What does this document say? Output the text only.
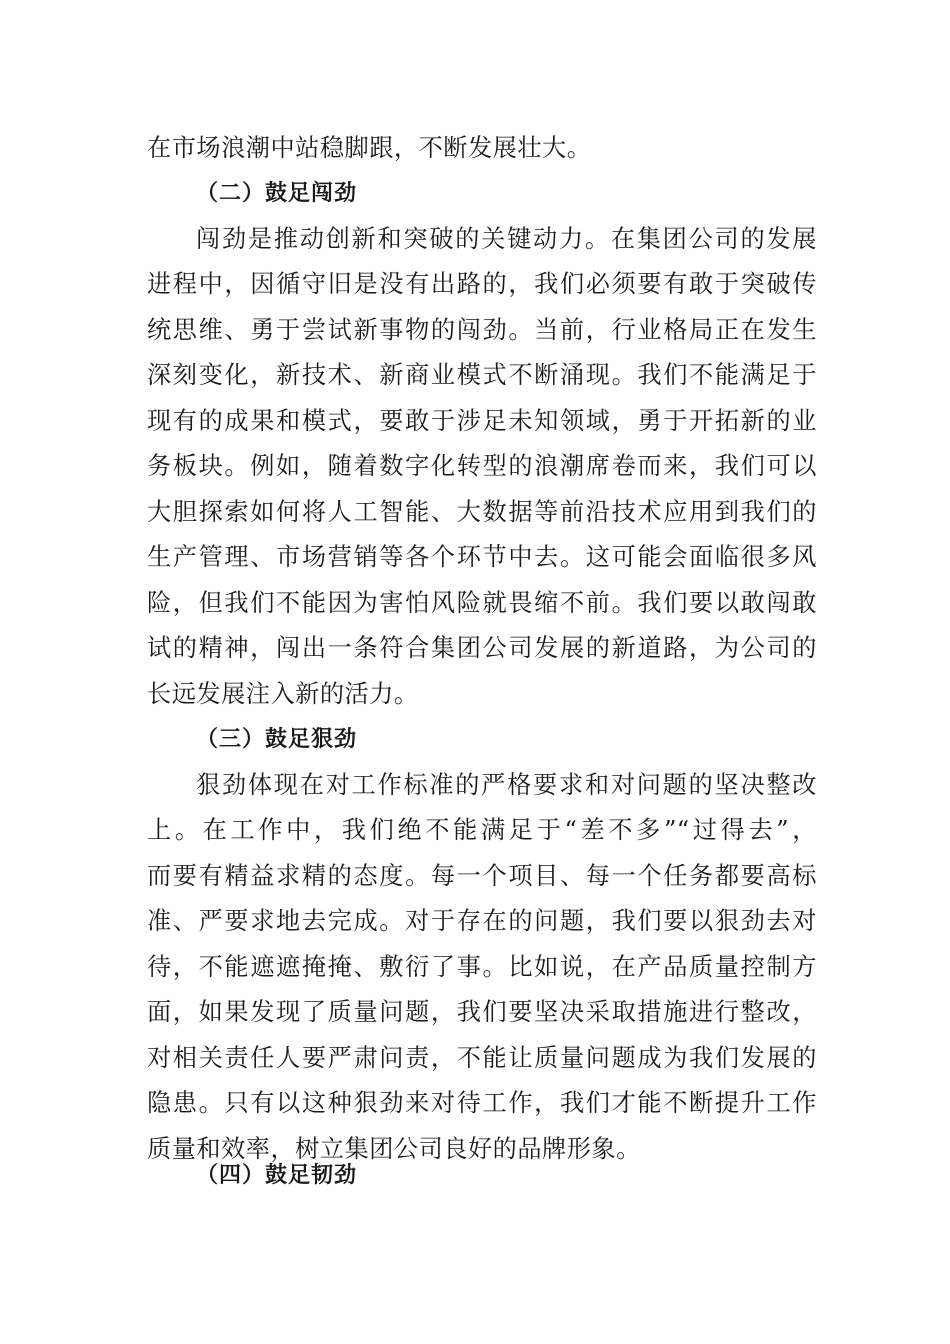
在市场浪潮中站稳脚跟，不断发展壮大。
（二）鼓足闯劲
闯劲是推动创新和突破的关键动力。在集团公司的发展
进程中，因循守旧是没有出路的，我们必须要有敢于突破传
统思维、勇于尝试新事物的闯劲。当前，行业格局正在发生
深刻变化，新技术、新商业模式不断涌现。我们不能满足于
现有的成果和模式，要敢于涉足未知领域，勇于开拓新的业
务板块。例如，随着数字化转型的浪潮席卷而来，我们可以
大胆探索如何将人工智能、大数据等前沿技术应用到我们的
生产管理、市场营销等各个环节中去。这可能会面临很多风
险，但我们不能因为害怕风险就畏缩不前。我们要以敢闯敢
试的精神，闯出一条符合集团公司发展的新道路，为公司的
长远发展注入新的活力。
（三）鼓足狠劲
狠劲体现在对工作标准的严格要求和对问题的坚决整改
上。在工作中，我们绝不能满足于“差不多”“过得去”，
而要有精益求精的态度。每一个项目、每一个任务都要高标
准、严要求地去完成。对于存在的问题，我们要以狠劲去对
待，不能遮遮掩掩、敷衍了事。比如说，在产品质量控制方
面，如果发现了质量问题，我们要坚决采取措施进行整改，
对相关责任人要严肃问责，不能让质量问题成为我们发展的
隐患。只有以这种狠劲来对待工作，我们才能不断提升工作
质量和效率，树立集团公司良好的品牌形象。
（四）鼓足韧劲
